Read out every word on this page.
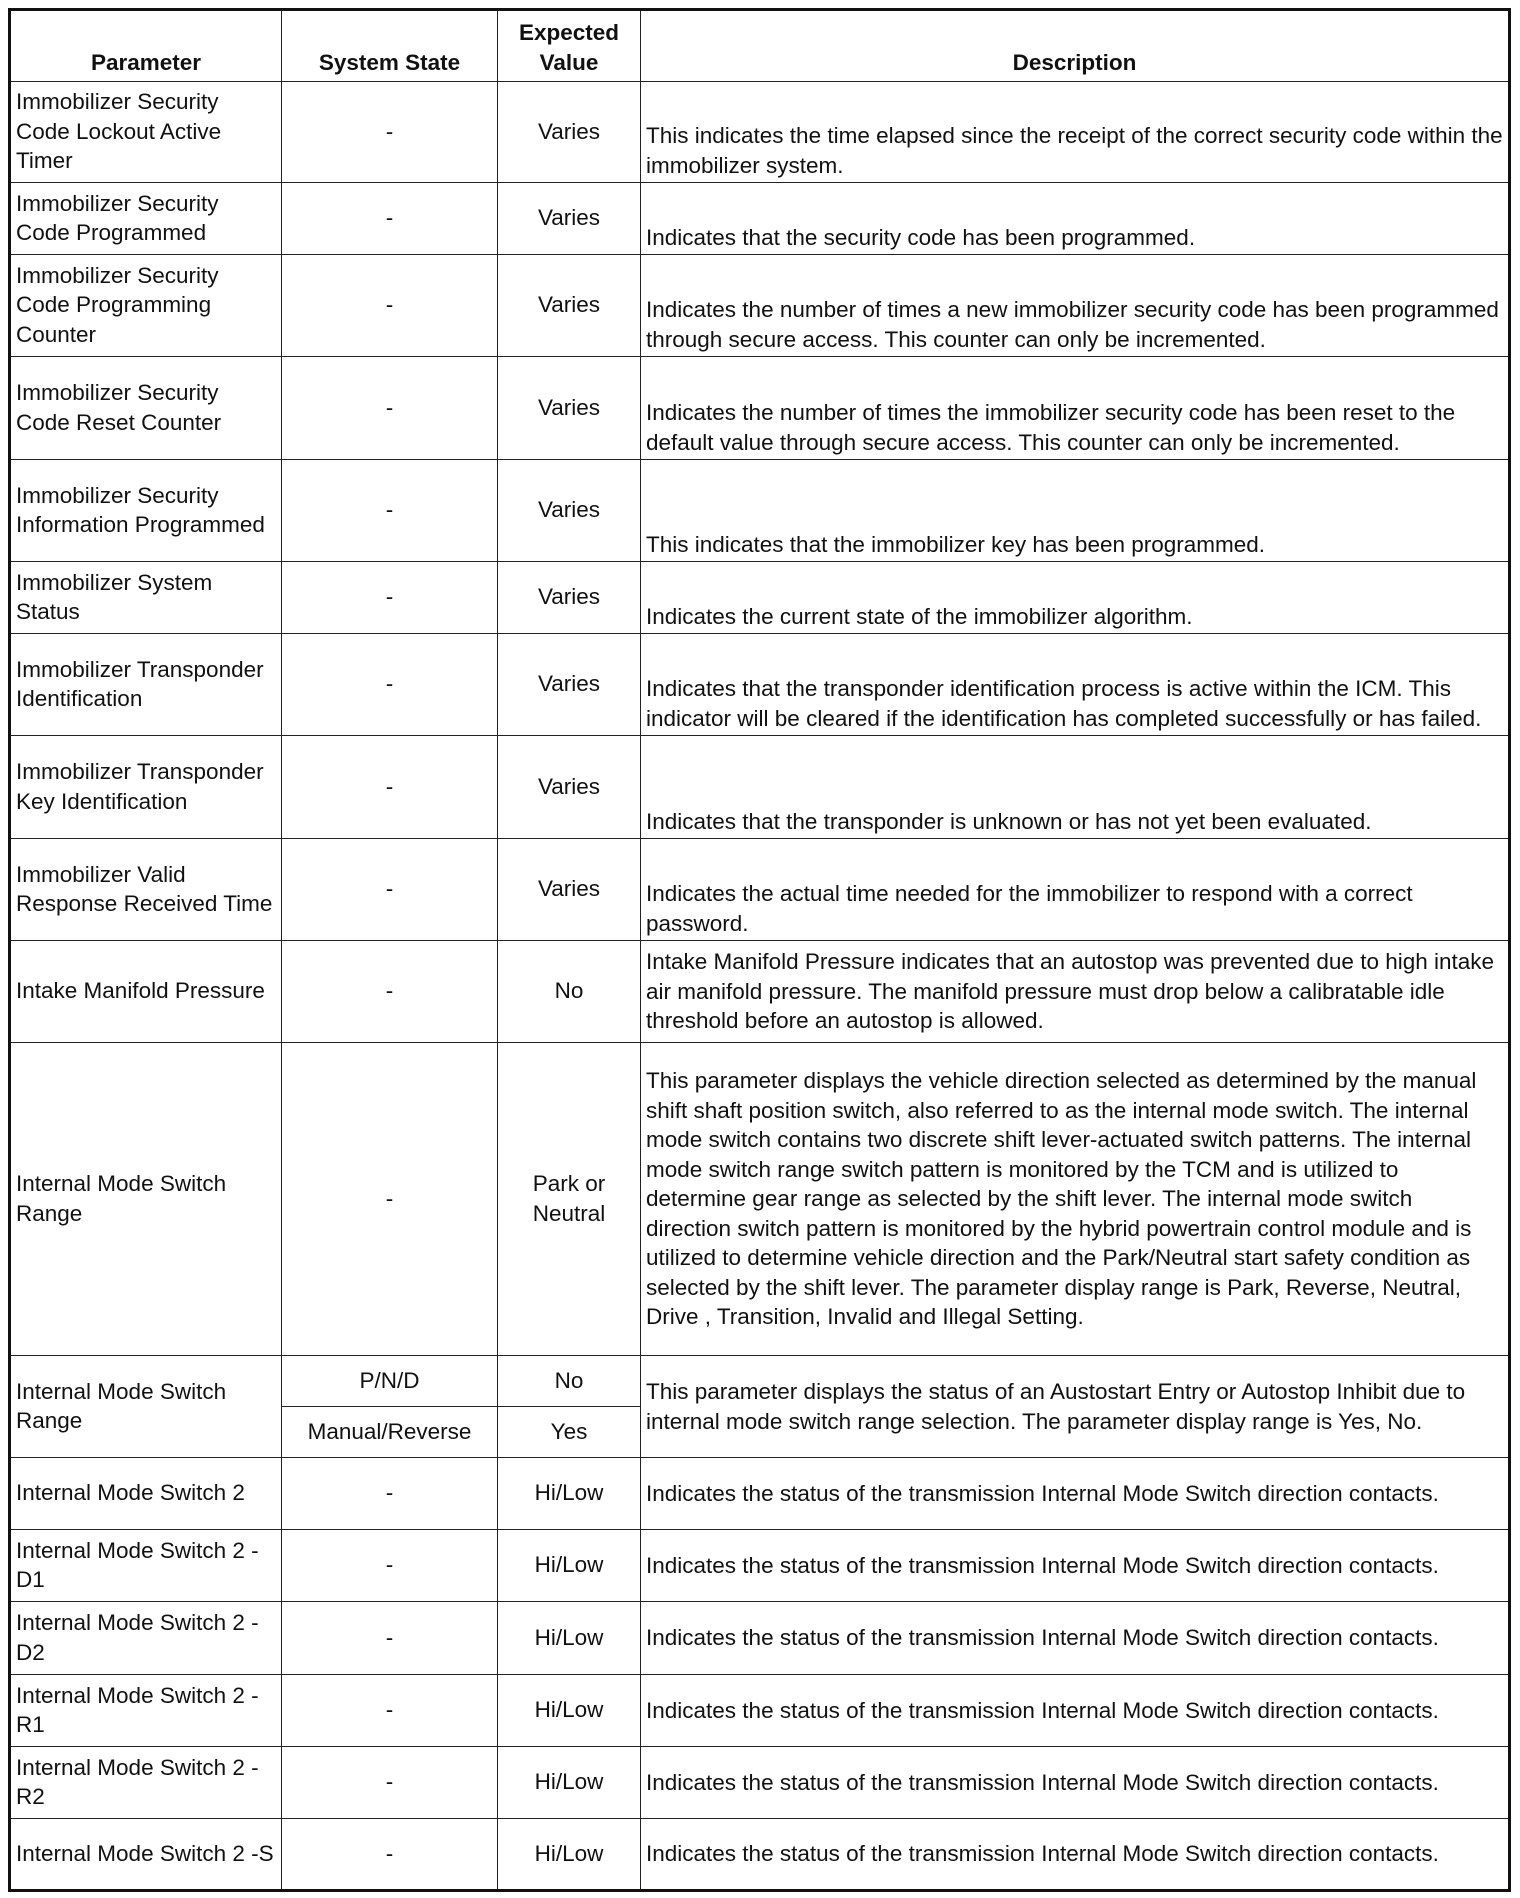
Parameter	System State	Expected Value	Description
Immobilizer Security Code Lockout Active Timer	-	Varies	This indicates the time elapsed since the receipt of the correct security code within the immobilizer system.
Immobilizer Security Code Programmed	-	Varies	Indicates that the security code has been programmed.
Immobilizer Security Code Programming Counter	-	Varies	Indicates the number of times a new immobilizer security code has been programmed through secure access. This counter can only be incremented.
Immobilizer Security Code Reset Counter	-	Varies	Indicates the number of times the immobilizer security code has been reset to the default value through secure access. This counter can only be incremented.
Immobilizer Security Information Programmed	-	Varies	This indicates that the immobilizer key has been programmed.
Immobilizer System Status	-	Varies	Indicates the current state of the immobilizer algorithm.
Immobilizer Transponder Identification	-	Varies	Indicates that the transponder identification process is active within the ICM. This indicator will be cleared if the identification has completed successfully or has failed.
Immobilizer Transponder Key Identification	-	Varies	Indicates that the transponder is unknown or has not yet been evaluated.
Immobilizer Valid Response Received Time	-	Varies	Indicates the actual time needed for the immobilizer to respond with a correct password.
Intake Manifold Pressure	-	No	Intake Manifold Pressure indicates that an autostop was prevented due to high intake air manifold pressure. The manifold pressure must drop below a calibratable idle threshold before an autostop is allowed.
Internal Mode Switch Range	-	Park or Neutral	This parameter displays the vehicle direction selected as determined by the manual shift shaft position switch, also referred to as the internal mode switch. The internal mode switch contains two discrete shift lever-actuated switch patterns. The internal mode switch range switch pattern is monitored by the TCM and is utilized to determine gear range as selected by the shift lever. The internal mode switch direction switch pattern is monitored by the hybrid powertrain control module and is utilized to determine vehicle direction and the Park/Neutral start safety condition as selected by the shift lever. The parameter display range is Park, Reverse, Neutral, Drive , Transition, Invalid and Illegal Setting.
Internal Mode Switch Range	P/N/D	No	This parameter displays the status of an Austostart Entry or Autostop Inhibit due to internal mode switch range selection. The parameter display range is Yes, No.
	Manual/Reverse	Yes	
Internal Mode Switch 2	-	Hi/Low	Indicates the status of the transmission Internal Mode Switch direction contacts.
Internal Mode Switch 2 - D1	-	Hi/Low	Indicates the status of the transmission Internal Mode Switch direction contacts.
Internal Mode Switch 2 - D2	-	Hi/Low	Indicates the status of the transmission Internal Mode Switch direction contacts.
Internal Mode Switch 2 - R1	-	Hi/Low	Indicates the status of the transmission Internal Mode Switch direction contacts.
Internal Mode Switch 2 - R2	-	Hi/Low	Indicates the status of the transmission Internal Mode Switch direction contacts.
Internal Mode Switch 2 -S	-	Hi/Low	Indicates the status of the transmission Internal Mode Switch direction contacts.
